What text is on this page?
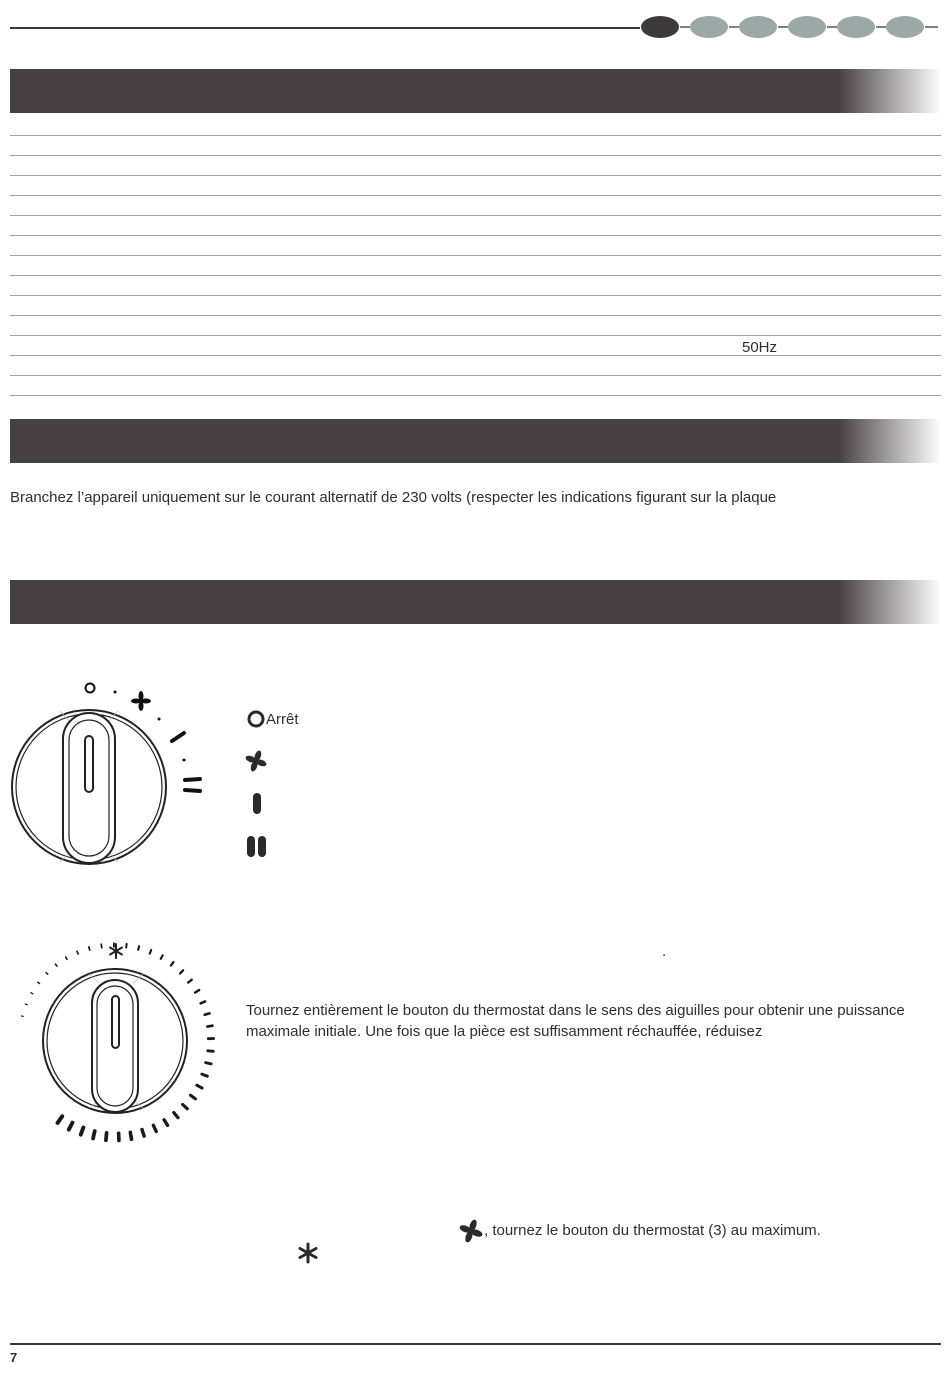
50Hz
Branchez l’appareil uniquement sur le courant alternatif de 230 volts (respecter les indications figurant sur la plaque
Arrêt
.
Tournez entièrement le bouton du thermostat dans le sens des aiguilles pour obtenir une puissance maximale initiale. Une fois que la pièce est suffisamment réchauffée, réduisez
, tournez le bouton du thermostat (3) au maximum.
7
